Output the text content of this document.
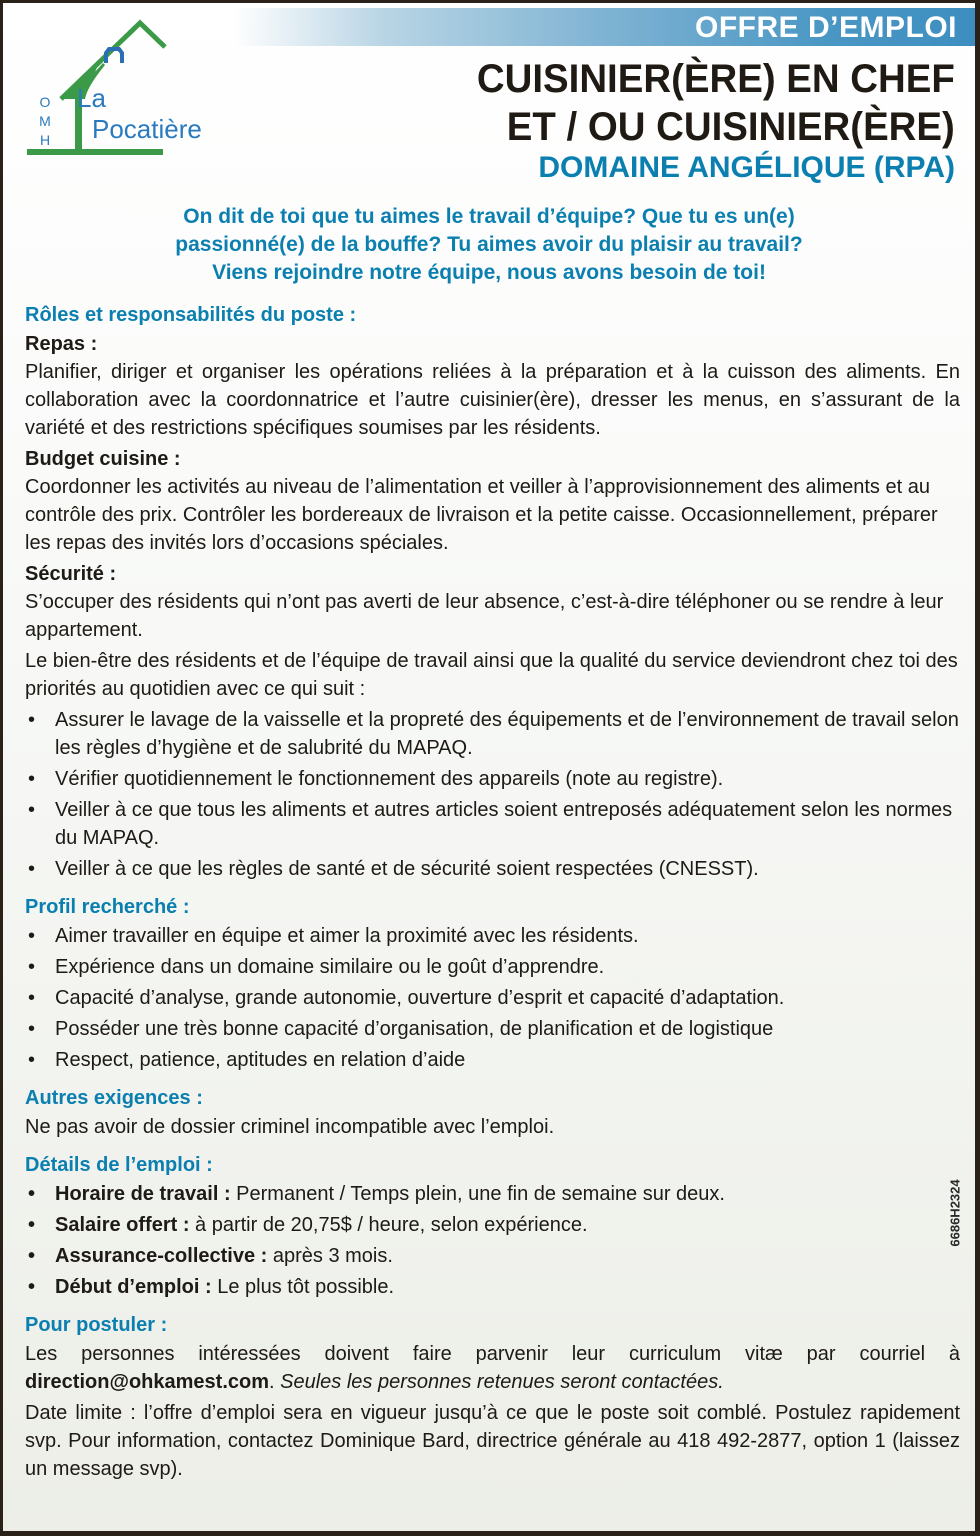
OFFRE D’EMPLOI
O
M
H
La
Pocatière
CUISINIER(ÈRE) EN CHEF
ET / OU CUISINIER(ÈRE)
DOMAINE ANGÉLIQUE (RPA)
On dit de toi que tu aimes le travail d’équipe? Que tu es un(e)
passionné(e) de la bouffe? Tu aimes avoir du plaisir au travail?
Viens rejoindre notre équipe, nous avons besoin de toi!
Rôles et responsabilités du poste :

Repas :

Planifier, diriger et organiser les opérations reliées à la préparation et à la cuisson des aliments. En collaboration avec la coordonnatrice et l’autre cuisinier(ère), dresser les menus, en s’assurant de la variété et des restrictions spécifiques soumises par les résidents.

Budget cuisine :

Coordonner les activités au niveau de l’alimentation et veiller à l’approvisionnement des aliments et au contrôle des prix. Contrôler les bordereaux de livraison et la petite caisse. Occasionnellement, préparer les repas des invités lors d’occasions spéciales.

Sécurité :

S’occuper des résidents qui n’ont pas averti de leur absence, c’est-à-dire téléphoner ou se rendre à leur appartement.

Le bien-être des résidents et de l’équipe de travail ainsi que la qualité du service deviendront chez toi des priorités au quotidien avec ce qui suit :

• Assurer le lavage de la vaisselle et la propreté des équipements et de l’environnement de travail selon les règles d’hygiène et de salubrité du MAPAQ.
• Vérifier quotidiennement le fonctionnement des appareils (note au registre).
• Veiller à ce que tous les aliments et autres articles soient entreposés adéquatement selon les normes du MAPAQ.
• Veiller à ce que les règles de santé et de sécurité soient respectées (CNESST).
Profil recherché :
• Aimer travailler en équipe et aimer la proximité avec les résidents.
• Expérience dans un domaine similaire ou le goût d’apprendre.
• Capacité d’analyse, grande autonomie, ouverture d’esprit et capacité d’adaptation.
• Posséder une très bonne capacité d’organisation, de planification et de logistique
• Respect, patience, aptitudes en relation d’aide
Autres exigences :

Ne pas avoir de dossier criminel incompatible avec l’emploi.

Détails de l’emploi :
• Horaire de travail : Permanent / Temps plein, une fin de semaine sur deux.
• Salaire offert : à partir de 20,75$ / heure, selon expérience.
• Assurance-collective : après 3 mois.
• Début d’emploi : Le plus tôt possible.
Pour postuler :

Les personnes intéressées doivent faire parvenir leur curriculum vitæ par courriel à direction@ohkamest.com. Seules les personnes retenues seront contactées.

Date limite : l’offre d’emploi sera en vigueur jusqu’à ce que le poste soit comblé. Postulez rapidement svp. Pour information, contactez Dominique Bard, directrice générale au 418 492-2877, option 1 (laissez un message svp).

6686H2324
